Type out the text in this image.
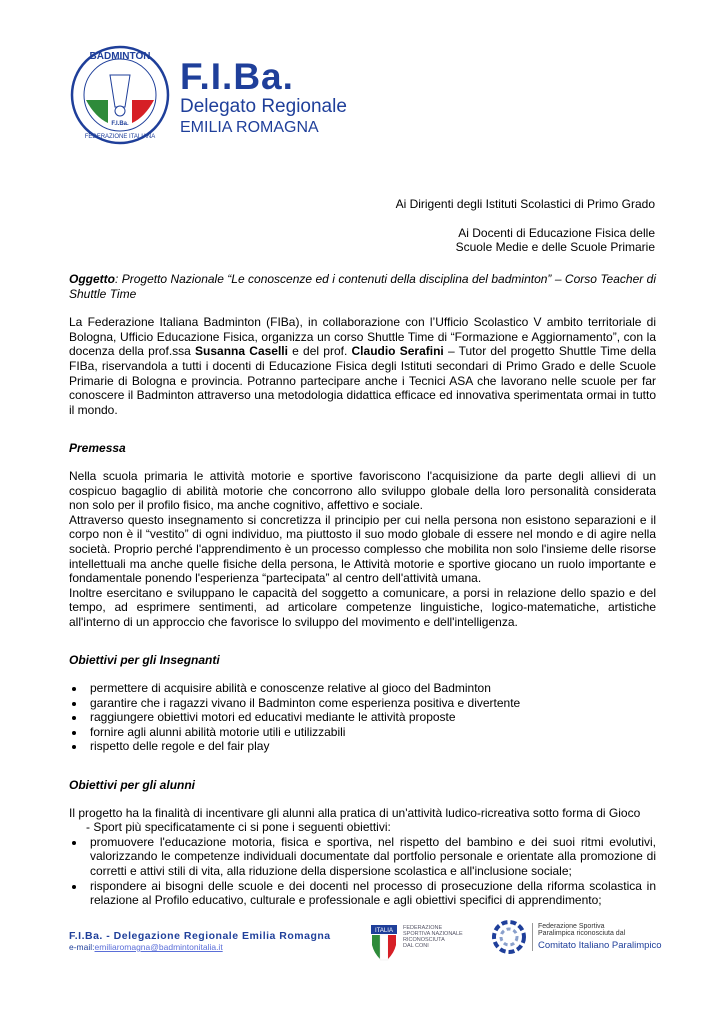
BADMINTON
F.I.Ba.
FEDERAZIONE ITALIANA
F.I.Ba.
Delegato Regionale
EMILIA ROMAGNA

Ai Dirigenti degli Istituti Scolastici di Primo Grado

Ai Docenti di Educazione Fisica delle
Scuole Medie e delle Scuole Primarie

Oggetto: Progetto Nazionale “Le conoscenze ed i contenuti della disciplina del badminton” – Corso Teacher di Shuttle Time

La Federazione Italiana Badminton (FIBa), in collaborazione con l’Ufficio Scolastico V ambito territoriale di Bologna, Ufficio Educazione Fisica, organizza un corso Shuttle Time di “Formazione e Aggiornamento”, con la docenza della prof.ssa Susanna Caselli e del prof. Claudio Serafini – Tutor del progetto Shuttle Time della FIBa, riservandola a tutti i docenti di Educazione Fisica degli Istituti secondari di Primo Grado e delle Scuole Primarie di Bologna e provincia. Potranno partecipare anche i Tecnici ASA che lavorano nelle scuole per far conoscere il Badminton attraverso una metodologia didattica efficace ed innovativa sperimentata ormai in tutto il mondo.

Premessa

Nella scuola primaria le attività motorie e sportive favoriscono l'acquisizione da parte degli allievi di un cospicuo bagaglio di abilità motorie che concorrono allo sviluppo globale della loro personalità considerata non solo per il profilo fisico, ma anche cognitivo, affettivo e sociale.
Attraverso questo insegnamento si concretizza il principio per cui nella persona non esistono separazioni e il corpo non è il “vestito” di ogni individuo, ma piuttosto il suo modo globale di essere nel mondo e di agire nella società. Proprio perché l'apprendimento è un processo complesso che mobilita non solo l'insieme delle risorse intellettuali ma anche quelle fisiche della persona, le Attività motorie e sportive giocano un ruolo importante e fondamentale ponendo l'esperienza “partecipata” al centro dell'attività umana.
Inoltre esercitano e sviluppano le capacità del soggetto a comunicare, a porsi in relazione dello spazio e del tempo, ad esprimere sentimenti, ad articolare competenze linguistiche, logico-matematiche, artistiche all'interno di un approccio che favorisce lo sviluppo del movimento e dell'intelligenza.

Obiettivi per gli Insegnanti
• permettere di acquisire abilità e conoscenze relative al gioco del Badminton
• garantire che i ragazzi vivano il Badminton come esperienza positiva e divertente
• raggiungere obiettivi motori ed educativi mediante le attività proposte
• fornire agli alunni abilità motorie utili e utilizzabili
• rispetto delle regole e del fair play
Obiettivi per gli alunni
Il progetto ha la finalità di incentivare gli alunni alla pratica di un'attività ludico-ricreativa sotto forma di Gioco
- Sport più specificatamente ci si pone i seguenti obiettivi:
• promuovere l'educazione motoria, fisica e sportiva, nel rispetto del bambino e dei suoi ritmi evolutivi, valorizzando le competenze individuali documentate dal portfolio personale e orientate alla promozione di corretti e attivi stili di vita, alla riduzione della dispersione scolastica e all'inclusione sociale;
• rispondere ai bisogni delle scuole e dei docenti nel processo di prosecuzione della riforma scolastica in relazione al Profilo educativo, culturale e professionale e agli obiettivi specifici di apprendimento;
F.I.Ba. - Delegazione Regionale Emilia Romagna
e-mail:emiliaromagna@badmintonitalia.it
ITALIA FEDERAZIONE
SPORTIVA NAZIONALE
RICONOSCIUTA
DAL CONI
Federazione Sportiva
Paralimpica riconosciuta dal
Comitato Italiano Paralimpico
